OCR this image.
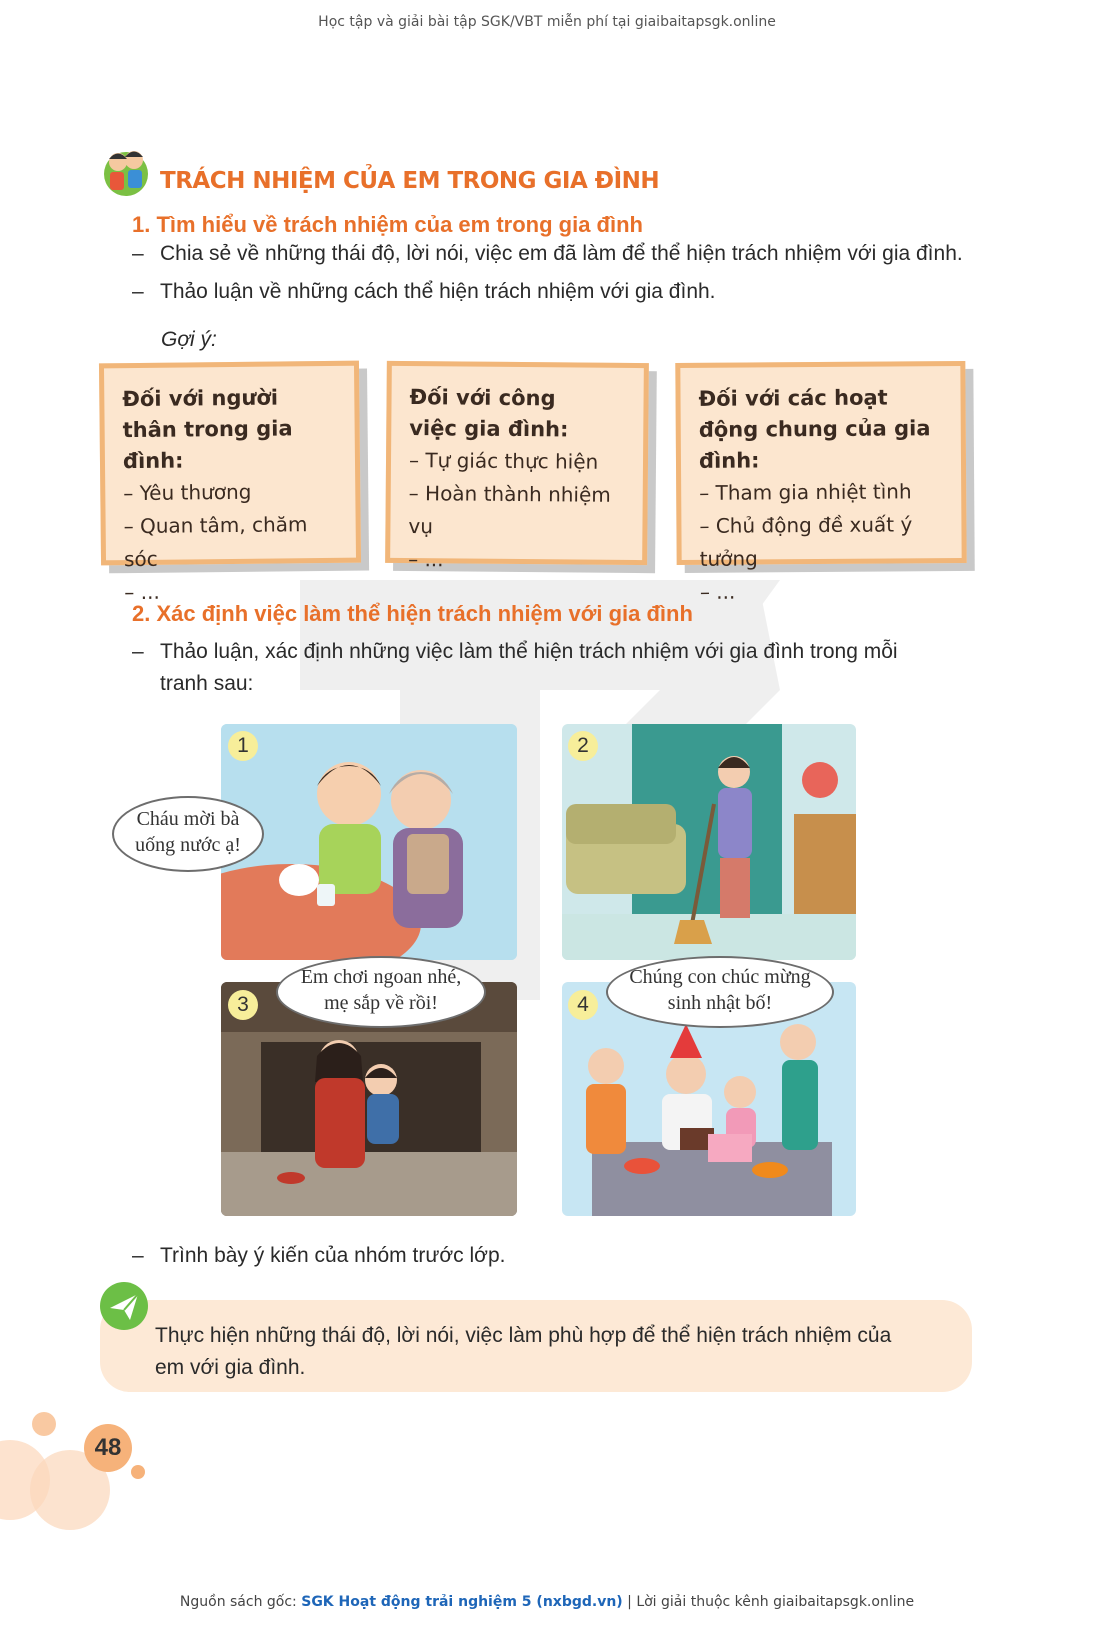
Học tập và giải bài tập SGK/VBT miễn phí tại giaibaitapsgk.online
TRÁCH NHIỆM CỦA EM TRONG GIA ĐÌNH
1. Tìm hiểu về trách nhiệm của em trong gia đình
– Chia sẻ về những thái độ, lời nói, việc em đã làm để thể hiện trách nhiệm với gia đình.
– Thảo luận về những cách thể hiện trách nhiệm với gia đình.
Gợi ý:
Đối với người thân trong gia đình:
– Yêu thương
– Quan tâm, chăm sóc
– ...
Đối với công việc gia đình:
– Tự giác thực hiện
– Hoàn thành nhiệm vụ
– ...
Đối với các hoạt động chung của gia đình:
– Tham gia nhiệt tình
– Chủ động đề xuất ý tưởng
– ...
2. Xác định việc làm thể hiện trách nhiệm với gia đình
– Thảo luận, xác định những việc làm thể hiện trách nhiệm với gia đình trong mỗi
tranh sau:
1
Cháu mời bà
uống nước ạ!
2
3
Em chơi ngoan nhé,
mẹ sắp về rồi!	4
Chúng con chúc mừng
sinh nhật bố!
– Trình bày ý kiến của nhóm trước lớp.
Thực hiện những thái độ, lời nói, việc làm phù hợp để thể hiện trách nhiệm của
em với gia đình.
48
Nguồn sách gốc: SGK Hoạt động trải nghiệm 5 (nxbgd.vn) | Lời giải thuộc kênh giaibaitapsgk.online
